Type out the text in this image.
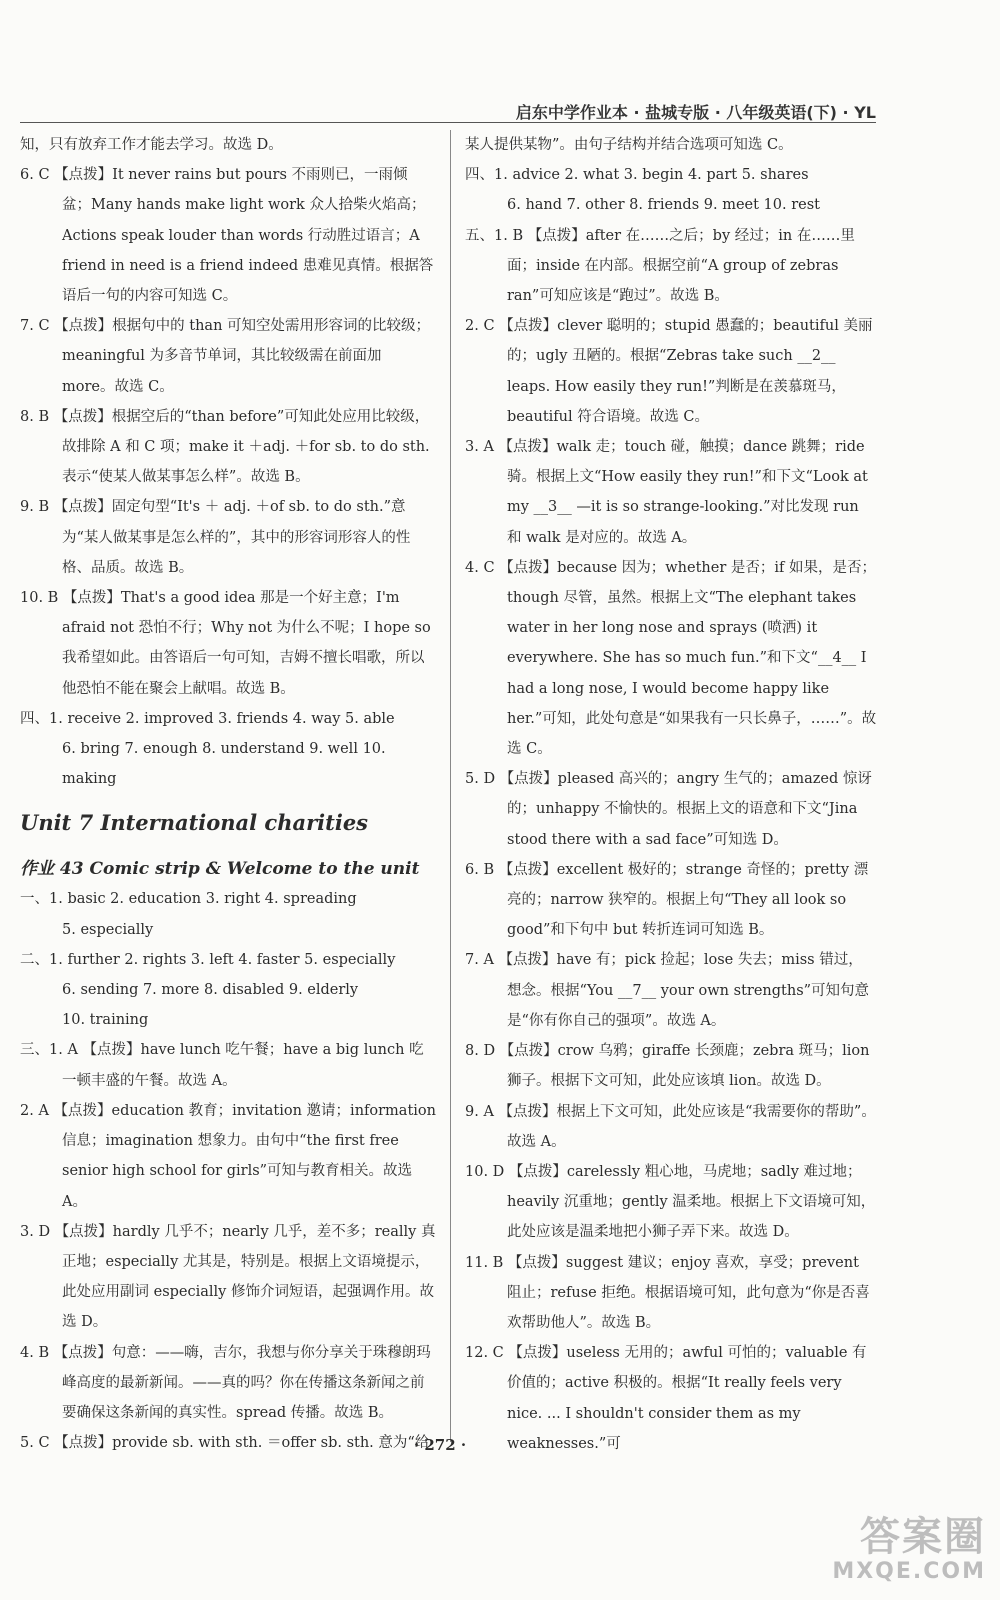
启东中学作业本 · 盐城专版 · 八年级英语(下) · YL

知，只有放弃工作才能去学习。故选 D。

6. C 【点拨】It never rains but pours 不雨则已，一雨倾盆；Many hands make light work 众人拾柴火焰高；Actions speak louder than words 行动胜过语言；A friend in need is a friend indeed 患难见真情。根据答语后一句的内容可知选 C。

7. C 【点拨】根据句中的 than 可知空处需用形容词的比较级；meaningful 为多音节单词，其比较级需在前面加 more。故选 C。

8. B 【点拨】根据空后的“than before”可知此处应用比较级，故排除 A 和 C 项；make it ＋adj. ＋for sb. to do sth. 表示“使某人做某事怎么样”。故选 B。

9. B 【点拨】固定句型“It's ＋ adj. ＋of sb. to do sth.”意为“某人做某事是怎么样的”，其中的形容词形容人的性格、品质。故选 B。

10. B 【点拨】That's a good idea 那是一个好主意；I'm afraid not 恐怕不行；Why not 为什么不呢；I hope so 我希望如此。由答语后一句可知，吉姆不擅长唱歌，所以他恐怕不能在聚会上献唱。故选 B。

四、1. receive 2. improved 3. friends 4. way 5. able

6. bring 7. enough 8. understand 9. well 10. making

Unit 7 International charities
作业 43 Comic strip & Welcome to the unit

一、1. basic 2. education 3. right 4. spreading

5. especially

二、1. further 2. rights 3. left 4. faster 5. especially

6. sending 7. more 8. disabled 9. elderly

10. training

三、1. A 【点拨】have lunch 吃午餐；have a big lunch 吃一顿丰盛的午餐。故选 A。

2. A 【点拨】education 教育；invitation 邀请；information 信息；imagination 想象力。由句中“the first free senior high school for girls”可知与教育相关。故选 A。

3. D 【点拨】hardly 几乎不；nearly 几乎，差不多；really 真正地；especially 尤其是，特别是。根据上文语境提示，此处应用副词 especially 修饰介词短语，起强调作用。故选 D。

4. B 【点拨】句意：——嗨，吉尔，我想与你分享关于珠穆朗玛峰高度的最新新闻。——真的吗？你在传播这条新闻之前要确保这条新闻的真实性。spread 传播。故选 B。

5. C 【点拨】provide sb. with sth. ＝offer sb. sth. 意为“给

某人提供某物”。由句子结构并结合选项可知选 C。

四、1. advice 2. what 3. begin 4. part 5. shares

6. hand 7. other 8. friends 9. meet 10. rest

五、1. B 【点拨】after 在……之后；by 经过；in 在……里面；inside 在内部。根据空前“A group of zebras ran”可知应该是“跑过”。故选 B。

2. C 【点拨】clever 聪明的；stupid 愚蠢的；beautiful 美丽的；ugly 丑陋的。根据“Zebras take such __2__ leaps. How easily they run!”判断是在羡慕斑马，beautiful 符合语境。故选 C。

3. A 【点拨】walk 走；touch 碰，触摸；dance 跳舞；ride 骑。根据上文“How easily they run!”和下文“Look at my __3__ —it is so strange-looking.”对比发现 run 和 walk 是对应的。故选 A。

4. C 【点拨】because 因为；whether 是否；if 如果，是否；though 尽管，虽然。根据上文“The elephant takes water in her long nose and sprays (喷洒) it everywhere. She has so much fun.”和下文“__4__ I had a long nose, I would become happy like her.”可知，此处句意是“如果我有一只长鼻子，……”。故选 C。

5. D 【点拨】pleased 高兴的；angry 生气的；amazed 惊讶的；unhappy 不愉快的。根据上文的语意和下文“Jina stood there with a sad face”可知选 D。

6. B 【点拨】excellent 极好的；strange 奇怪的；pretty 漂亮的；narrow 狭窄的。根据上句“They all look so good”和下句中 but 转折连词可知选 B。

7. A 【点拨】have 有；pick 捡起；lose 失去；miss 错过，想念。根据“You __7__ your own strengths”可知句意是“你有你自己的强项”。故选 A。

8. D 【点拨】crow 乌鸦；giraffe 长颈鹿；zebra 斑马；lion 狮子。根据下文可知，此处应该填 lion。故选 D。

9. A 【点拨】根据上下文可知，此处应该是“我需要你的帮助”。故选 A。

10. D 【点拨】carelessly 粗心地，马虎地；sadly 难过地；heavily 沉重地；gently 温柔地。根据上下文语境可知，此处应该是温柔地把小狮子弄下来。故选 D。

11. B 【点拨】suggest 建议；enjoy 喜欢，享受；prevent 阻止；refuse 拒绝。根据语境可知，此句意为“你是否喜欢帮助他人”。故选 B。

12. C 【点拨】useless 无用的；awful 可怕的；valuable 有价值的；active 积极的。根据“It really feels very nice. ... I shouldn't consider them as my weaknesses.”可

· 272 ·
答案圈
MXQE.COM
